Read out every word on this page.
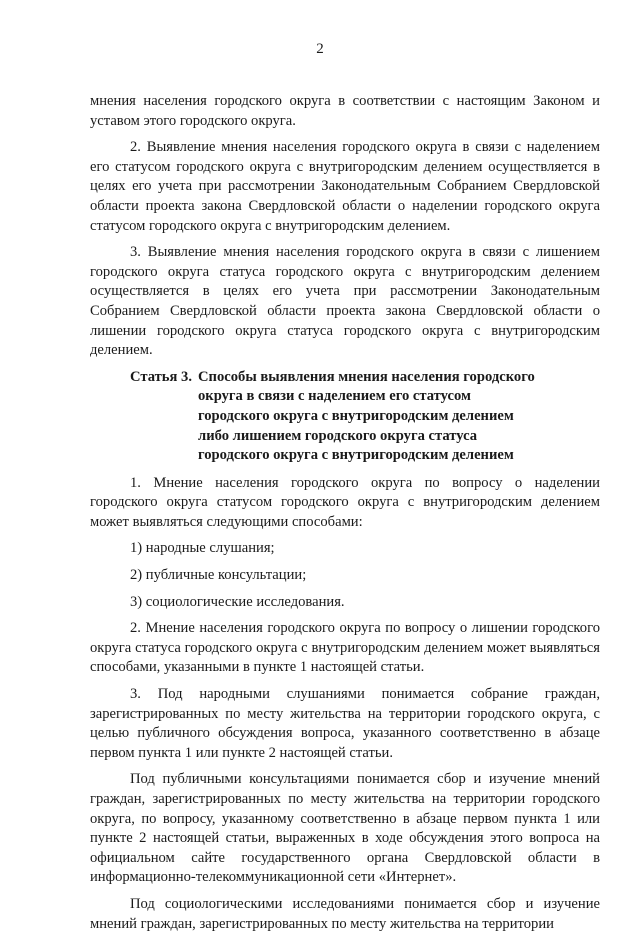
2

мнения населения городского округа в соответствии с настоящим Законом и уставом этого городского округа.

2. Выявление мнения населения городского округа в связи с наделением его статусом городского округа с внутригородским делением осуществляется в целях его учета при рассмотрении Законодательным Собранием Свердловской области проекта закона Свердловской области о наделении городского округа статусом городского округа с внутригородским делением.

3. Выявление мнения населения городского округа в связи с лишением городского округа статуса городского округа с внутригородским делением осуществляется в целях его учета при рассмотрении Законодательным Собранием Свердловской области проекта закона Свердловской области о лишении городского округа статуса городского округа с внутригородским делением.

Статья 3. Способы выявления мнения населения городского
округа в связи с наделением его статусом
городского округа с внутригородским делением
либо лишением городского округа статуса
городского округа с внутригородским делением

1. Мнение населения городского округа по вопросу о наделении городского округа статусом городского округа с внутригородским делением может выявляться следующими способами:

1) народные слушания;

2) публичные консультации;

3) социологические исследования.

2. Мнение населения городского округа по вопросу о лишении городского округа статуса городского округа с внутригородским делением может выявляться способами, указанными в пункте 1 настоящей статьи.

3. Под народными слушаниями понимается собрание граждан, зарегистрированных по месту жительства на территории городского округа, с целью публичного обсуждения вопроса, указанного соответственно в абзаце первом пункта 1 или пункте 2 настоящей статьи.

Под публичными консультациями понимается сбор и изучение мнений граждан, зарегистрированных по месту жительства на территории городского округа, по вопросу, указанному соответственно в абзаце первом пункта 1 или пункте 2 настоящей статьи, выраженных в ходе обсуждения этого вопроса на официальном сайте государственного органа Свердловской области в информационно-телекоммуникационной сети «Интернет».

Под социологическими исследованиями понимается сбор и изучение мнений граждан, зарегистрированных по месту жительства на территории
